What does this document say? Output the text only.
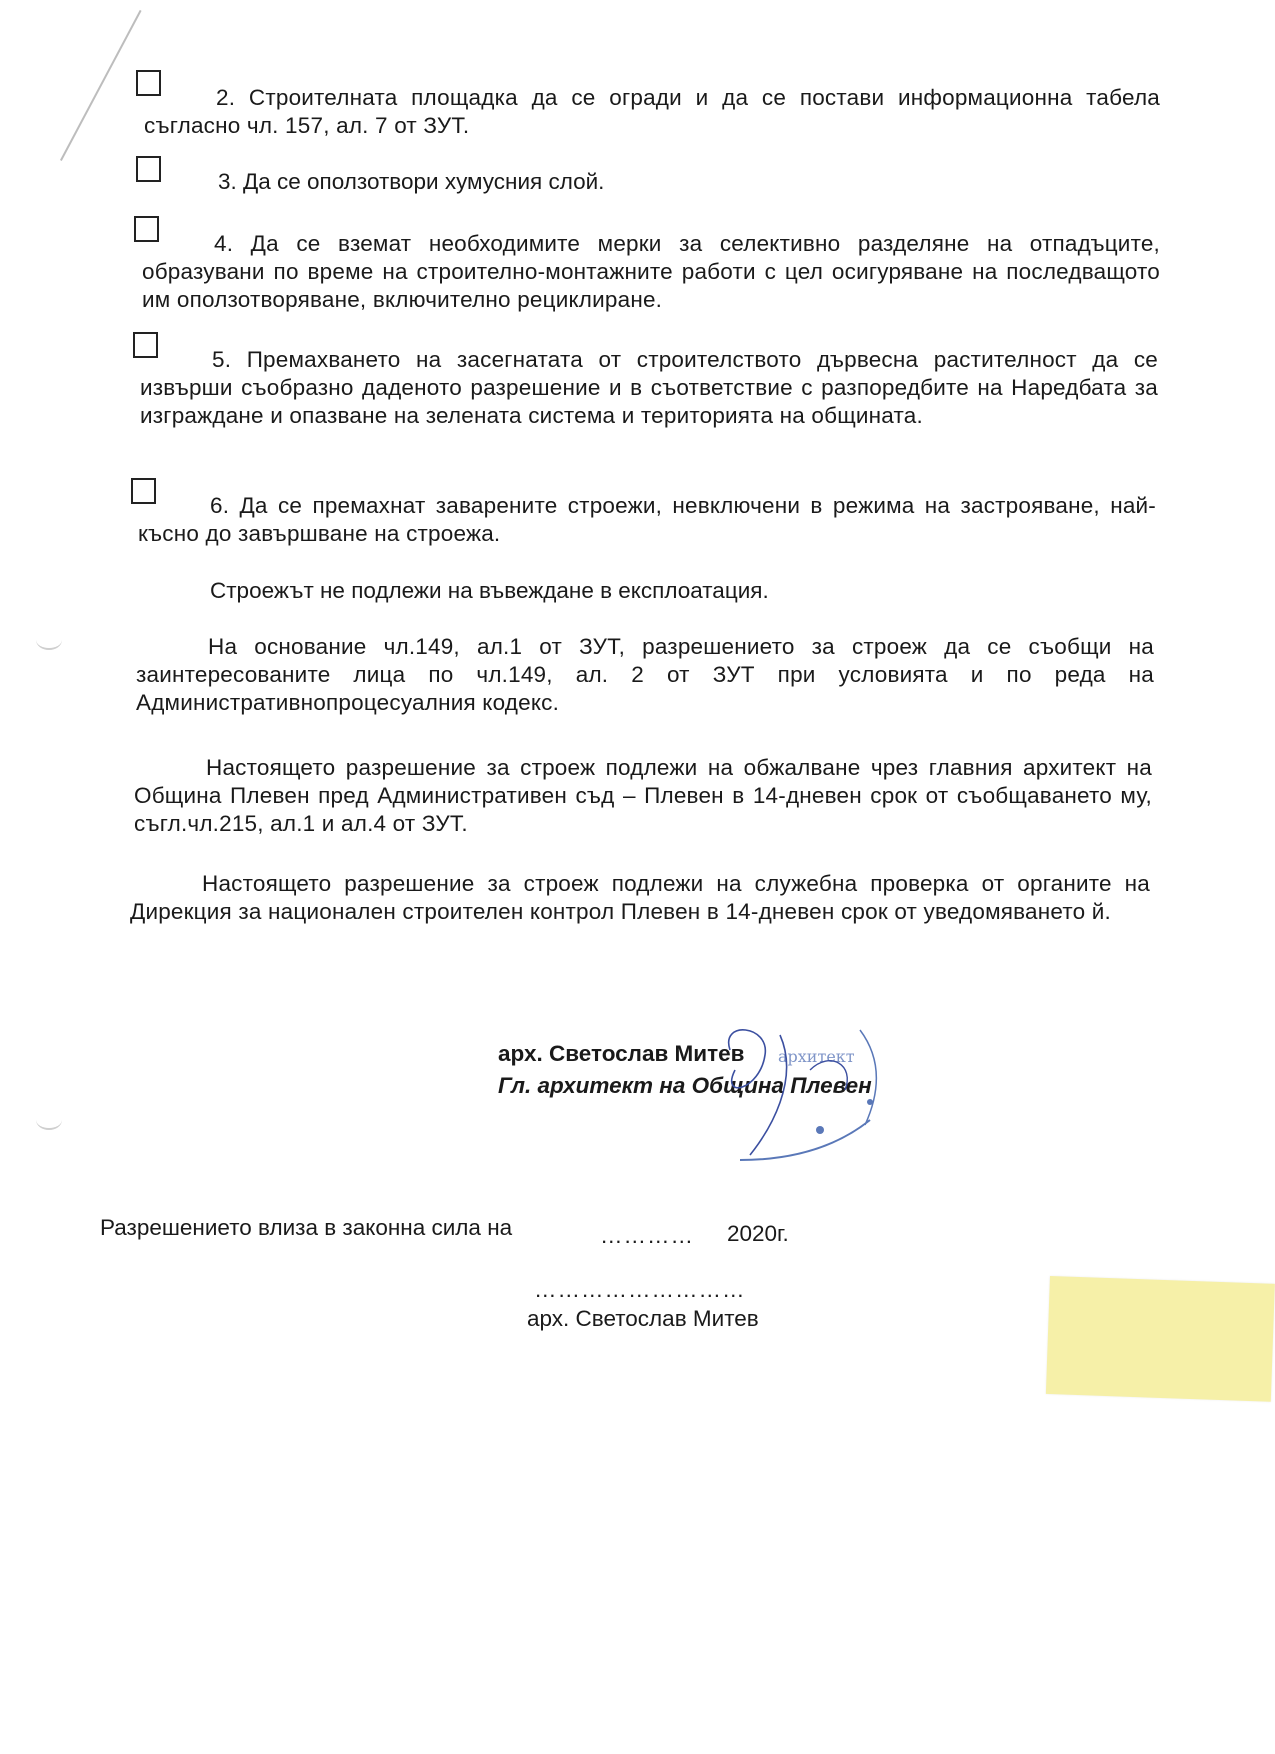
2. Строителната площадка да се огради и да се постави информационна табела съгласно чл. 157, ал. 7 от ЗУТ.
3. Да се оползотвори хумусния слой.
4. Да се вземат необходимите мерки за селективно разделяне на отпадъците, образувани по време на строително-монтажните работи с цел осигуряване на последващото им оползотворяване, включително рециклиране.
5. Премахването на засегнатата от строителството дървесна растителност да се извърши съобразно даденото разрешение и в съответствие с разпоредбите на Наредбата за изграждане и опазване на зелената система и територията на общината.
6. Да се премахнат заварените строежи, невключени в режима на застрояване, най-късно до завършване на строежа.
Строежът не подлежи на въвеждане в експлоатация.
На основание чл.149, ал.1 от ЗУТ, разрешението за строеж да се съобщи на заинтересованите лица по чл.149, ал. 2 от ЗУТ при условията и по реда на Административнопроцесуалния кодекс.
Настоящето разрешение за строеж подлежи на обжалване чрез главния архитект на Община Плевен пред Административен съд – Плевен в 14-дневен срок от съобщаването му, съгл.чл.215, ал.1 и ал.4 от ЗУТ.
Настоящето разрешение за строеж подлежи на служебна проверка от органите на Дирекция за национален строителен контрол Плевен в 14-дневен срок от уведомяването й.
арх. Светослав Митев
Гл. архитект на Община Плевен
архитект
Разрешението влиза в законна сила на	………… 2020г.
………………………
арх. Светослав Митев
